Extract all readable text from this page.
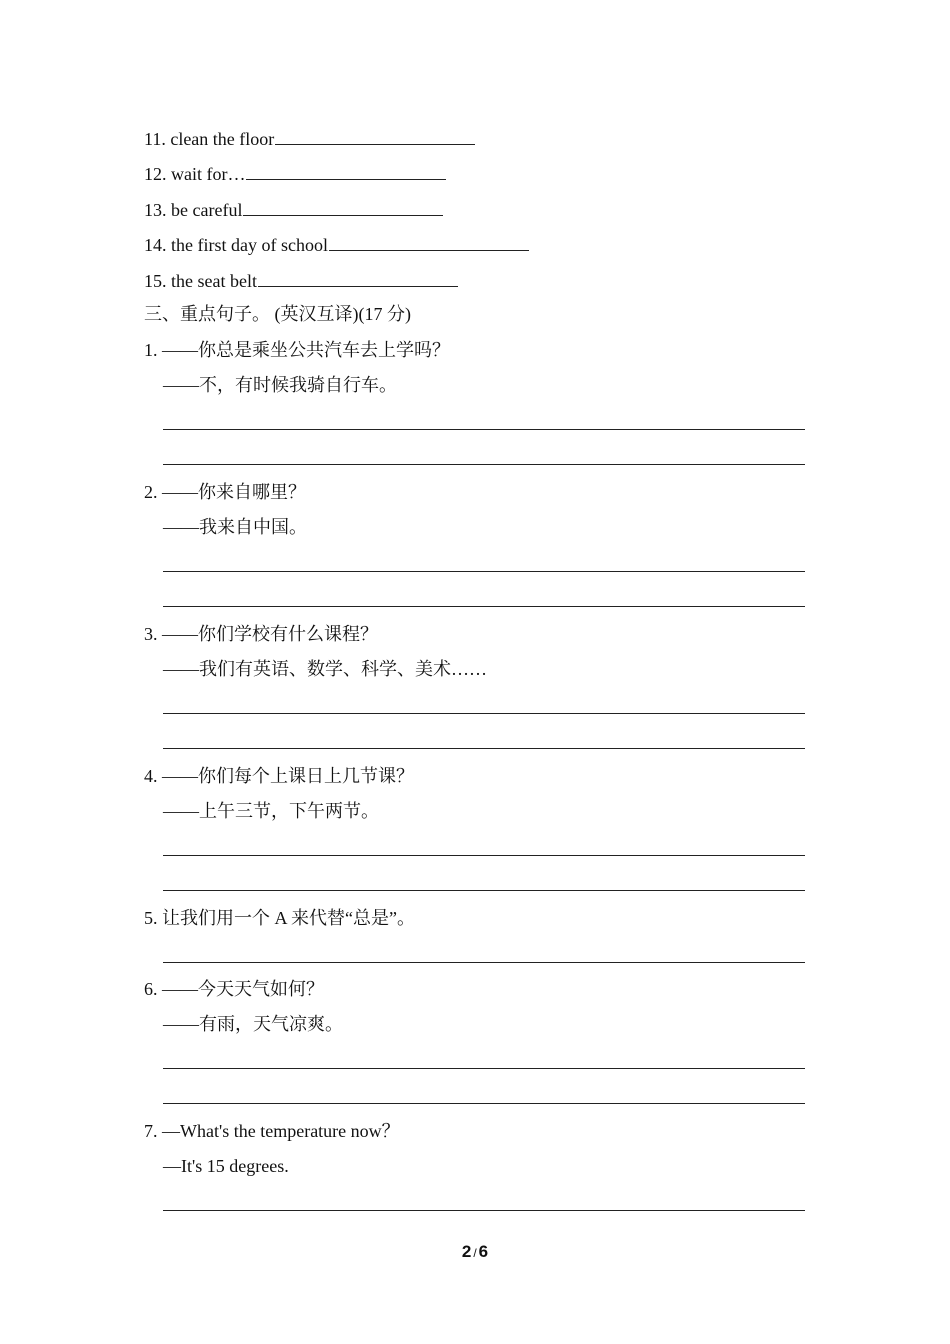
11. clean the floor
12. wait for…
13. be careful
14. the first day of school
15. the seat belt
三、重点句子。 (英汉互译)(17 分)
1. ——你总是乘坐公共汽车去上学吗？
——不，有时候我骑自行车。
2. ——你来自哪里？
——我来自中国。
3. ——你们学校有什么课程？
——我们有英语、数学、科学、美术……
4. ——你们每个上课日上几节课？
——上午三节，下午两节。
5. 让我们用一个 A 来代替“总是”。
6. ——今天天气如何？
——有雨，天气凉爽。
7. —What's the temperature now？
—It's 15 degrees.
2 / 6
